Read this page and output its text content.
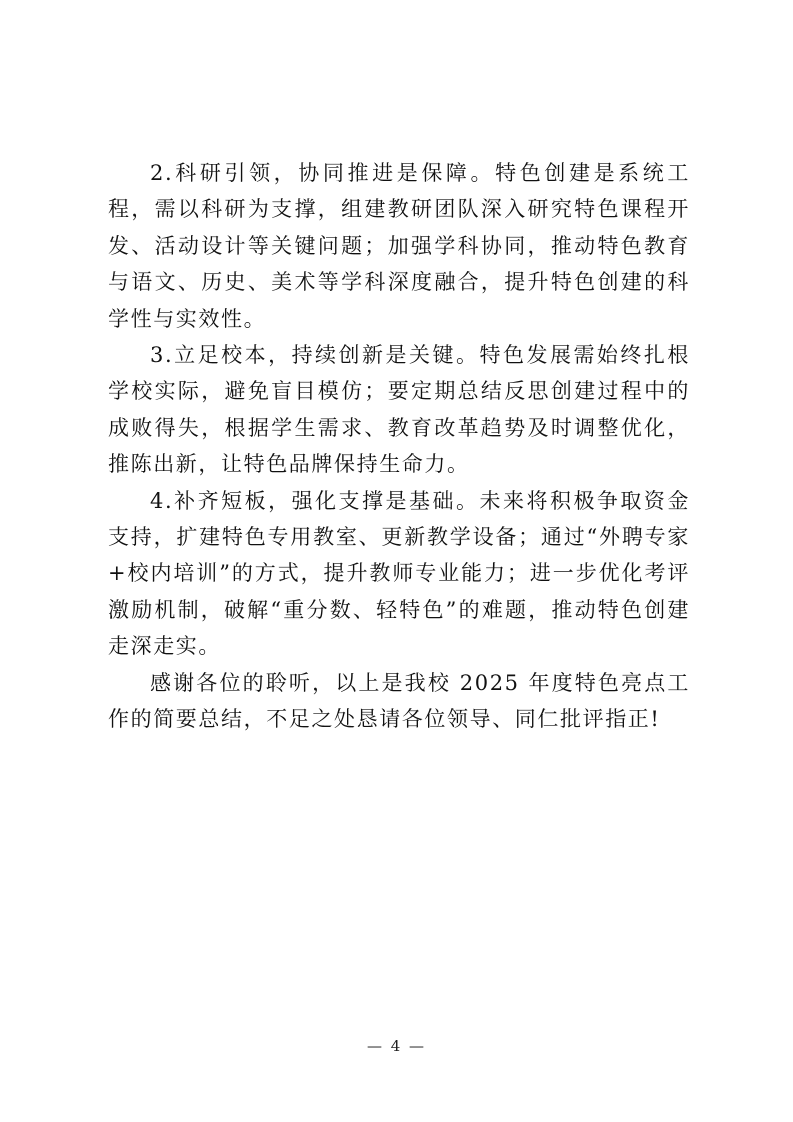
2.科研引领，协同推进是保障。特色创建是系统工程，需以科研为支撑，组建教研团队深入研究特色课程开发、活动设计等关键问题；加强学科协同，推动特色教育与语文、历史、美术等学科深度融合，提升特色创建的科学性与实效性。

3.立足校本，持续创新是关键。特色发展需始终扎根学校实际，避免盲目模仿；要定期总结反思创建过程中的成败得失，根据学生需求、教育改革趋势及时调整优化，推陈出新，让特色品牌保持生命力。

4.补齐短板，强化支撑是基础。未来将积极争取资金支持，扩建特色专用教室、更新教学设备；通过“外聘专家+校内培训”的方式，提升教师专业能力；进一步优化考评激励机制，破解“重分数、轻特色”的难题，推动特色创建走深走实。

感谢各位的聆听，以上是我校 2025 年度特色亮点工作的简要总结，不足之处恳请各位领导、同仁批评指正!

— 4 —
